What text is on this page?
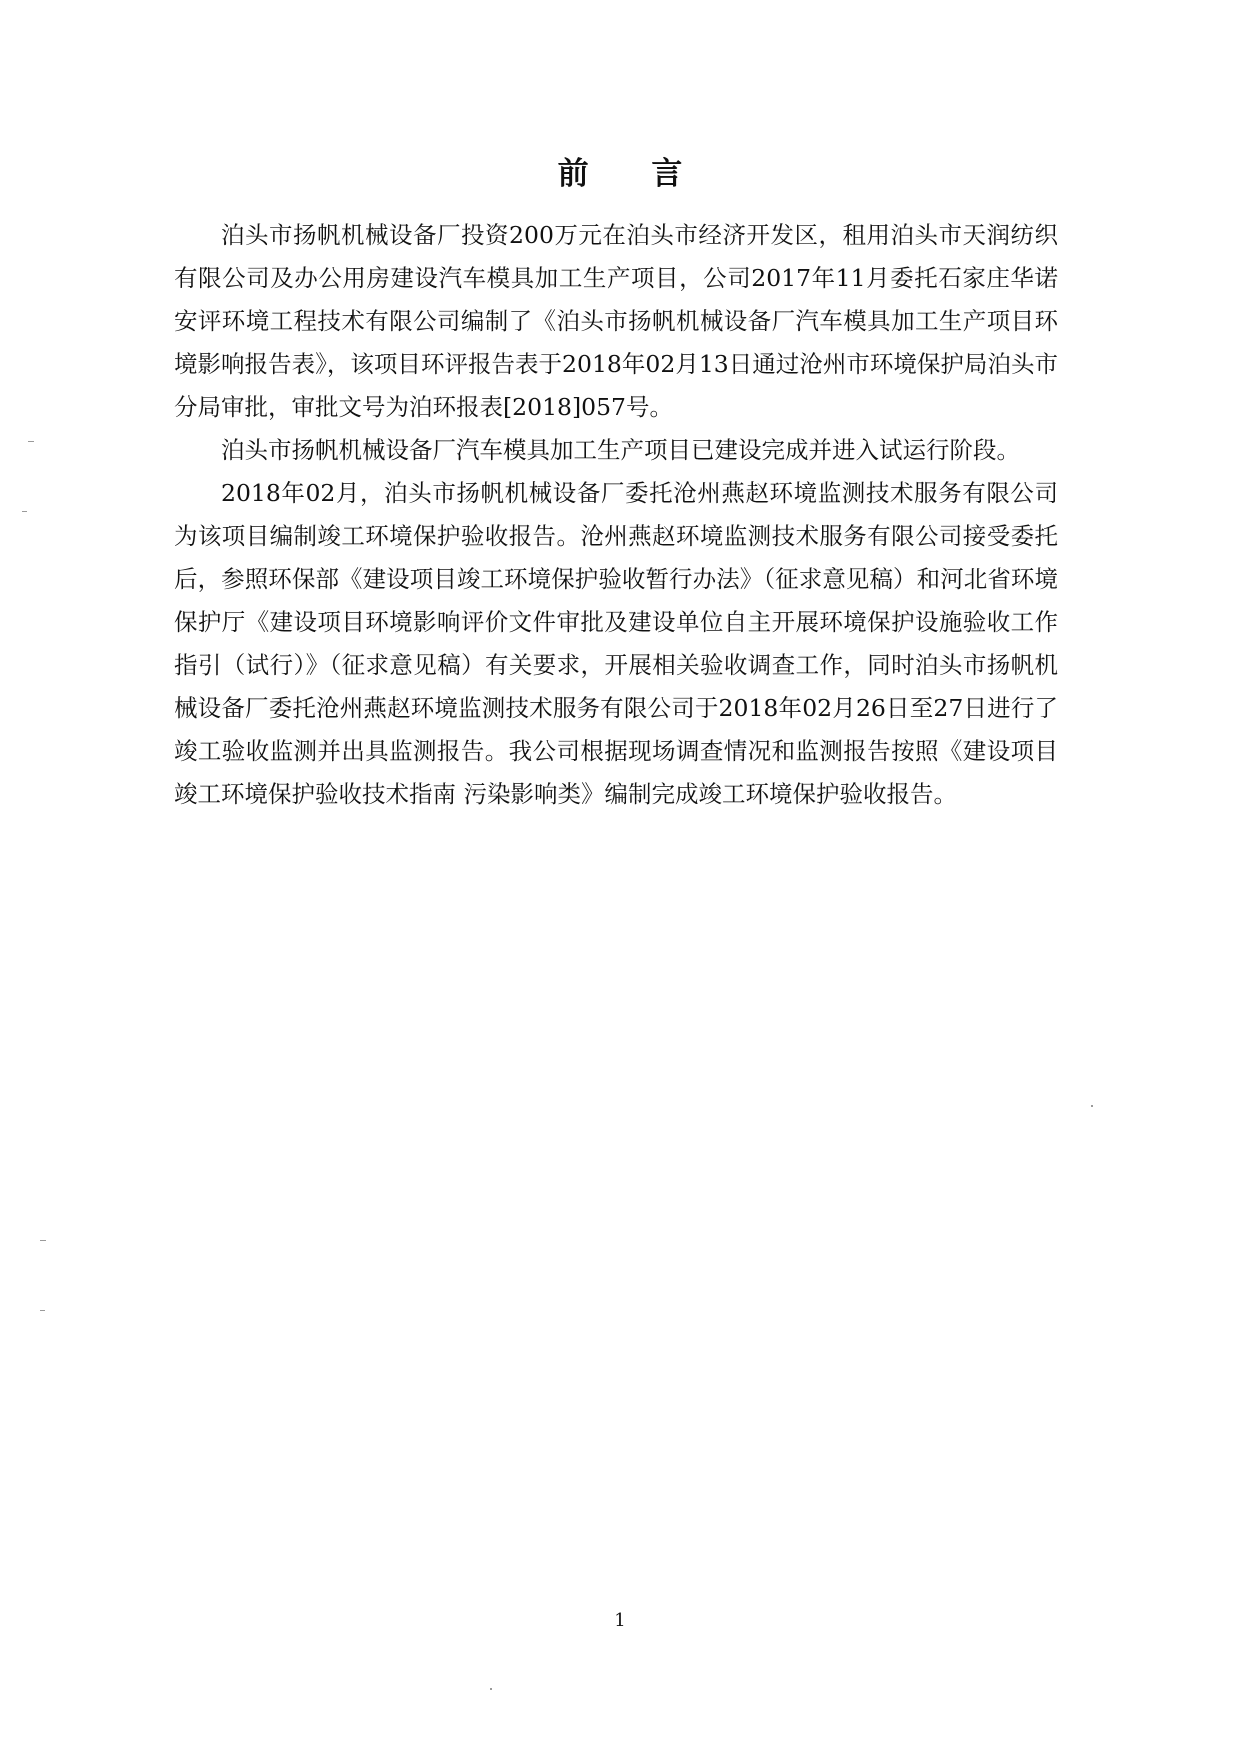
前 言

泊头市扬帆机械设备厂投资200万元在泊头市经济开发区，租用泊头市天润纺织有限公司及办公用房建设汽车模具加工生产项目，公司2017年11月委托石家庄华诺安评环境工程技术有限公司编制了《泊头市扬帆机械设备厂汽车模具加工生产项目环境影响报告表》，该项目环评报告表于2018年02月13日通过沧州市环境保护局泊头市分局审批，审批文号为泊环报表[2018]057号。

泊头市扬帆机械设备厂汽车模具加工生产项目已建设完成并进入试运行阶段。

2018年02月，泊头市扬帆机械设备厂委托沧州燕赵环境监测技术服务有限公司为该项目编制竣工环境保护验收报告。沧州燕赵环境监测技术服务有限公司接受委托后，参照环保部《建设项目竣工环境保护验收暂行办法》（征求意见稿）和河北省环境保护厅《建设项目环境影响评价文件审批及建设单位自主开展环境保护设施验收工作指引（试行）》（征求意见稿）有关要求，开展相关验收调查工作，同时泊头市扬帆机械设备厂委托沧州燕赵环境监测技术服务有限公司于2018年02月26日至27日进行了竣工验收监测并出具监测报告。我公司根据现场调查情况和监测报告按照《建设项目竣工环境保护验收技术指南 污染影响类》编制完成竣工环境保护验收报告。

1
